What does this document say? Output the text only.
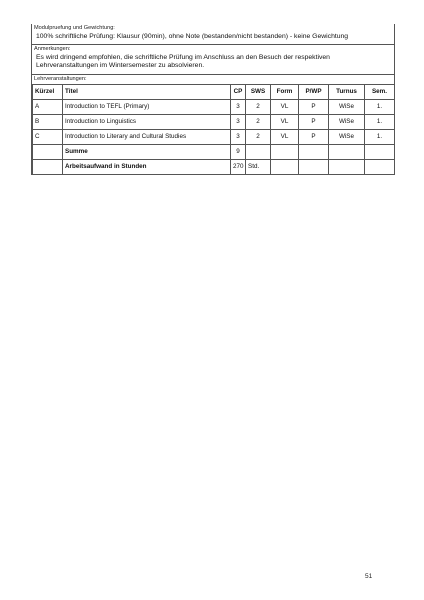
Modulpruefung und Gewichtung:
100% schriftliche Prüfung: Klausur (90min), ohne Note (bestanden/nicht bestanden) - keine Gewichtung
Anmerkungen:
Es wird dringend empfohlen, die schriftliche Prüfung im Anschluss an den Besuch der respektiven Lehrveranstaltungen im Wintersemester zu absolvieren.
Lehrveranstaltungen:
Kürzel	Titel	CP	SWS	Form	P/WP	Turnus	Sem.
A	Introduction to TEFL (Primary)	3	2	VL	P	WiSe	1.
B	Introduction to Linguistics	3	2	VL	P	WiSe	1.
C	Introduction to Literary and Cultural Studies	3	2	VL	P	WiSe	1.
	Summe	9					
	Arbeitsaufwand in Stunden	270	Std.				
51
